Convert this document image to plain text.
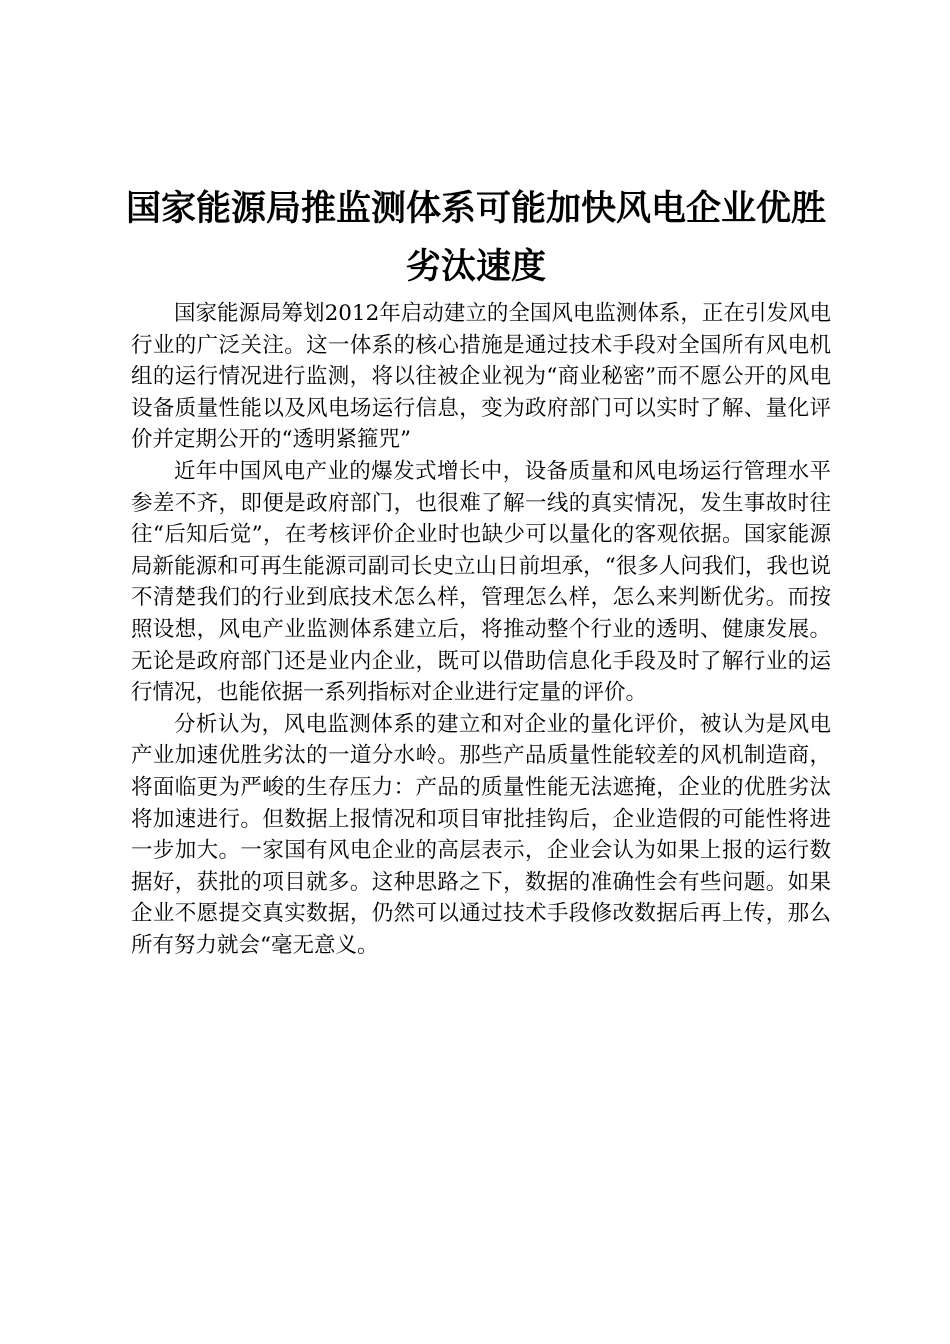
国家能源局推监测体系可能加快风电企业优胜劣汰速度

国家能源局筹划2012年启动建立的全国风电监测体系，正在引发风电行业的广泛关注。这一体系的核心措施是通过技术手段对全国所有风电机组的运行情况进行监测，将以往被企业视为“商业秘密”而不愿公开的风电设备质量性能以及风电场运行信息，变为政府部门可以实时了解、量化评价并定期公开的“透明紧箍咒”

近年中国风电产业的爆发式增长中，设备质量和风电场运行管理水平参差不齐，即便是政府部门，也很难了解一线的真实情况，发生事故时往往“后知后觉”，在考核评价企业时也缺少可以量化的客观依据。国家能源局新能源和可再生能源司副司长史立山日前坦承，“很多人问我们，我也说不清楚我们的行业到底技术怎么样，管理怎么样，怎么来判断优劣。而按照设想，风电产业监测体系建立后，将推动整个行业的透明、健康发展。无论是政府部门还是业内企业，既可以借助信息化手段及时了解行业的运行情况，也能依据一系列指标对企业进行定量的评价。

分析认为，风电监测体系的建立和对企业的量化评价，被认为是风电产业加速优胜劣汰的一道分水岭。那些产品质量性能较差的风机制造商，将面临更为严峻的生存压力：产品的质量性能无法遮掩，企业的优胜劣汰将加速进行。但数据上报情况和项目审批挂钩后，企业造假的可能性将进一步加大。一家国有风电企业的高层表示，企业会认为如果上报的运行数据好，获批的项目就多。这种思路之下，数据的准确性会有些问题。如果企业不愿提交真实数据，仍然可以通过技术手段修改数据后再上传，那么所有努力就会“毫无意义。
